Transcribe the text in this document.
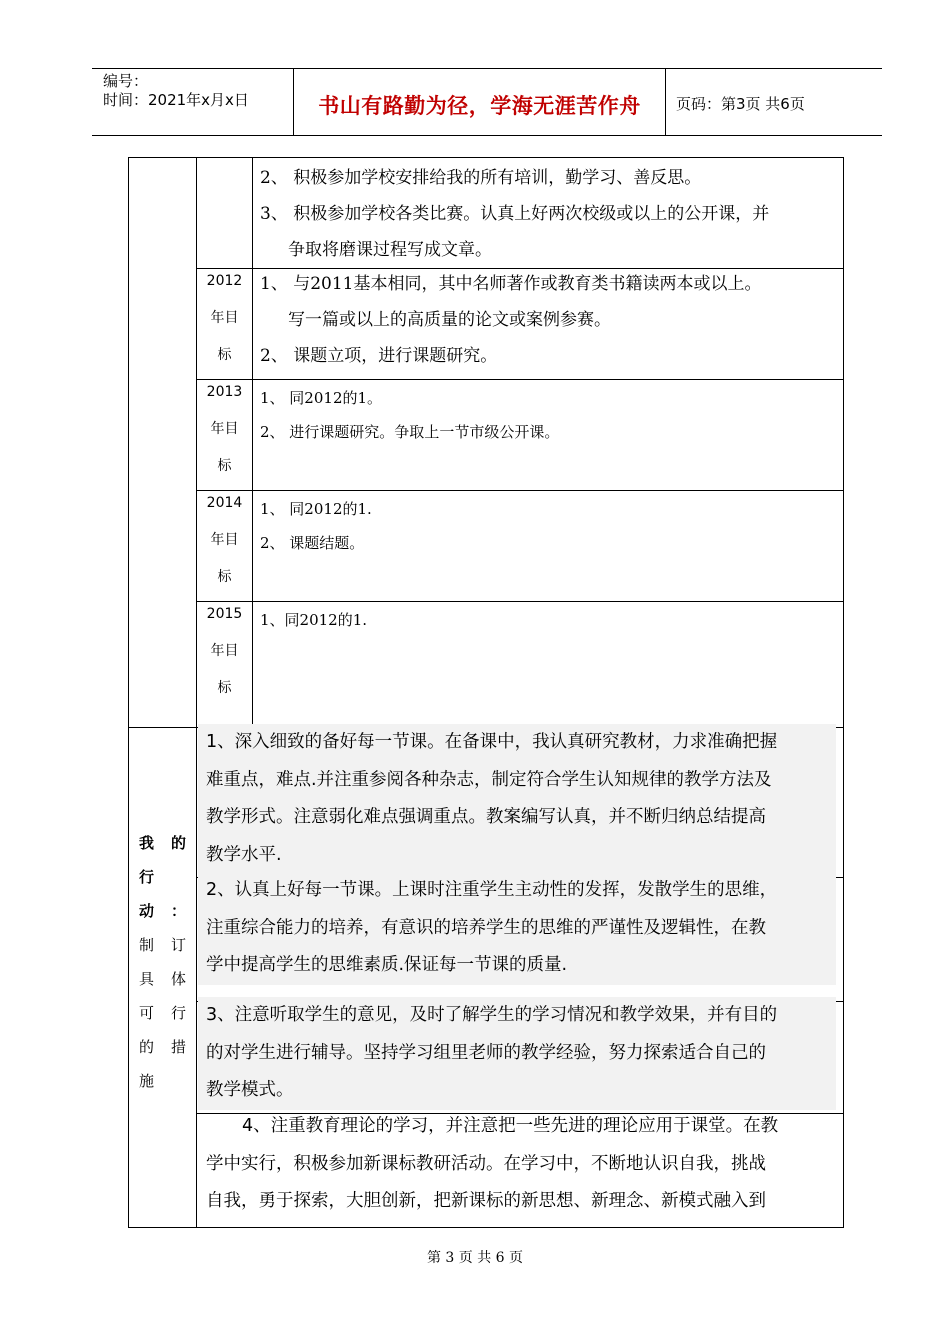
编号：
时间：2021年x月x日	书山有路勤为径，学海无涯苦作舟	页码：第3页 共6页
2、 积极参加学校安排给我的所有培训，勤学习、善反思。
3、 积极参加学校各类比赛。认真上好两次校级或以上的公开课，并
争取将磨课过程写成文章。
2012
年目
标
1、 与2011基本相同，其中名师著作或教育类书籍读两本或以上。
写一篇或以上的高质量的论文或案例参赛。
2、 课题立项，进行课题研究。
2013
年目
标
1、 同2012的1。
2、 进行课题研究。争取上一节市级公开课。
2014
年目
标
1、 同2012的1.
2、 课题结题。
2015
年目
标
1、同2012的1.
我 的
行
动 ：
制 订
具 体
可 行
的 措
施
1、深入细致的备好每一节课。在备课中，我认真研究教材，力求准确把握
难重点，难点.并注重参阅各种杂志，制定符合学生认知规律的教学方法及
教学形式。注意弱化难点强调重点。教案编写认真，并不断归纳总结提高
教学水平.
2、认真上好每一节课。上课时注重学生主动性的发挥，发散学生的思维，
注重综合能力的培养，有意识的培养学生的思维的严谨性及逻辑性，在教
学中提高学生的思维素质.保证每一节课的质量.
3、注意听取学生的意见，及时了解学生的学习情况和教学效果，并有目的
的对学生进行辅导。坚持学习组里老师的教学经验，努力探索适合自己的
教学模式。
4、注重教育理论的学习，并注意把一些先进的理论应用于课堂。在教
学中实行，积极参加新课标教研活动。在学习中，不断地认识自我，挑战
自我，勇于探索，大胆创新，把新课标的新思想、新理念、新模式融入到
第 3 页 共 6 页
